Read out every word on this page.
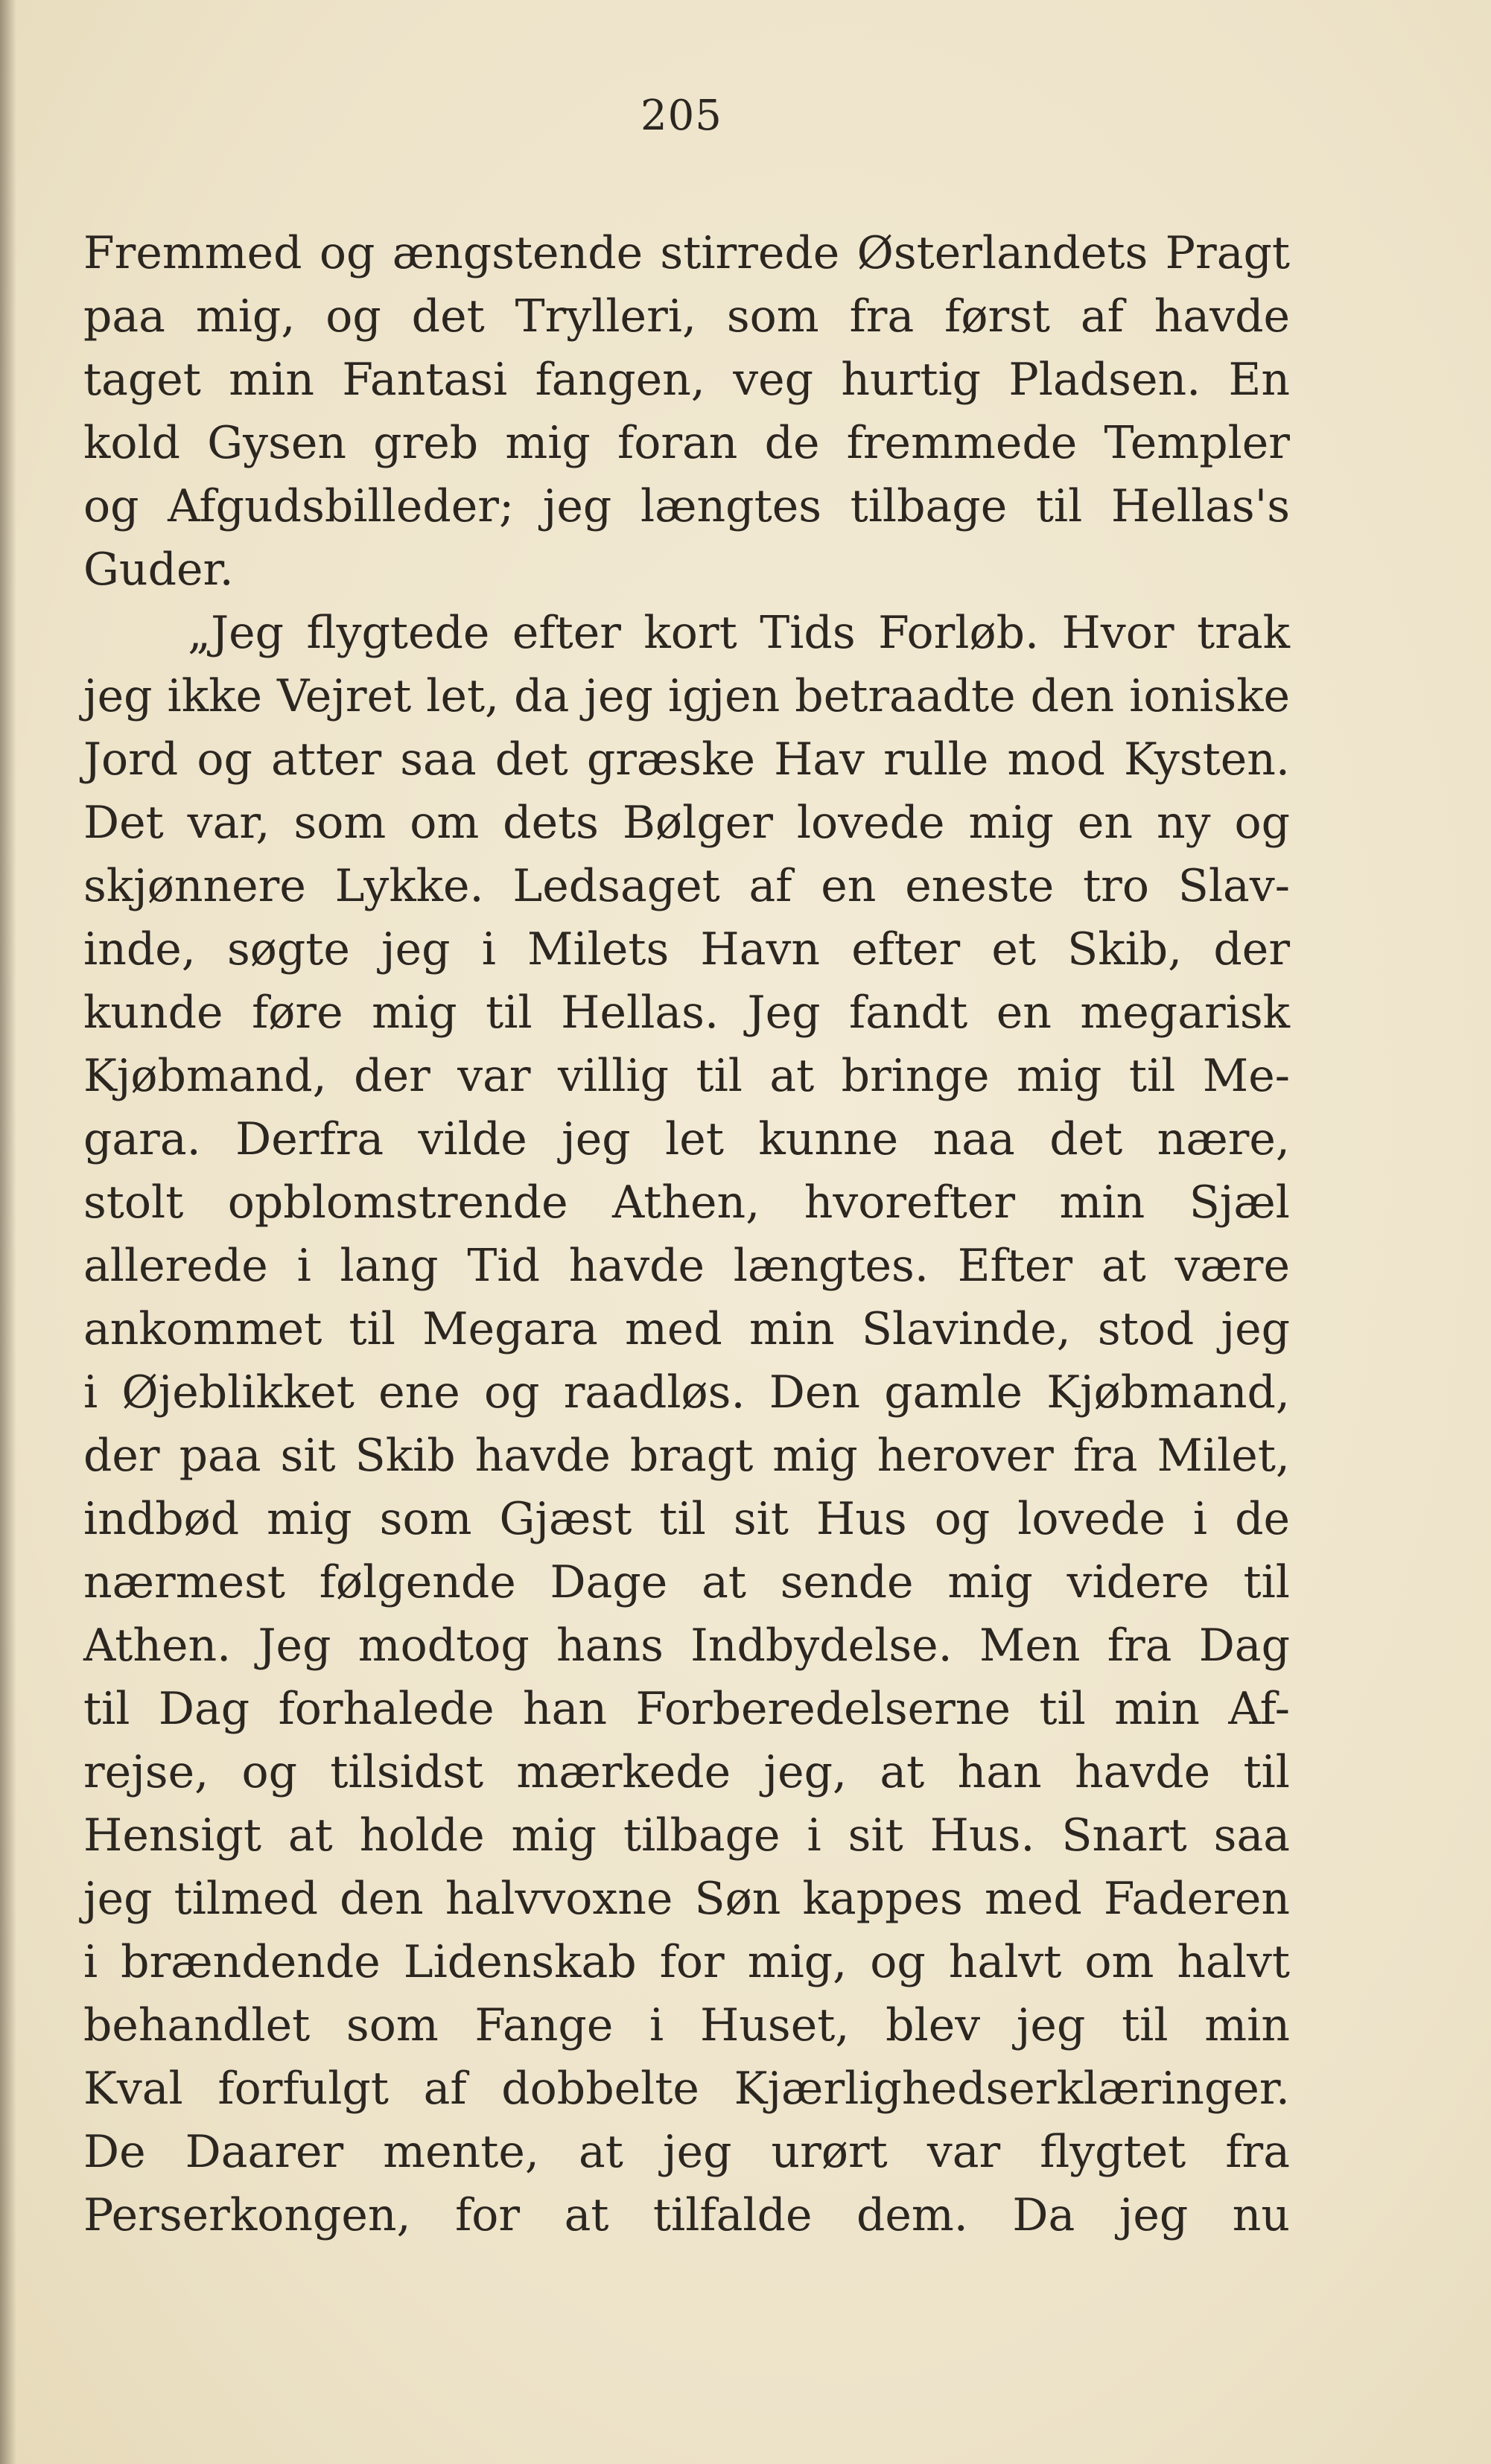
205
Fremmed og ængstende stirrede Østerlandets Pragt
paa mig, og det Trylleri, som fra først af havde
taget min Fantasi fangen, veg hurtig Pladsen. En
kold Gysen greb mig foran de fremmede Templer
og Afgudsbilleder; jeg længtes tilbage til Hellas's
Guder.
„Jeg flygtede efter kort Tids Forløb. Hvor trak
jeg ikke Vejret let, da jeg igjen betraadte den ioniske
Jord og atter saa det græske Hav rulle mod Kysten.
Det var, som om dets Bølger lovede mig en ny og
skjønnere Lykke. Ledsaget af en eneste tro Slav-
inde, søgte jeg i Milets Havn efter et Skib, der
kunde føre mig til Hellas. Jeg fandt en megarisk
Kjøbmand, der var villig til at bringe mig til Me-
gara. Derfra vilde jeg let kunne naa det nære,
stolt opblomstrende Athen, hvorefter min Sjæl
allerede i lang Tid havde længtes. Efter at være
ankommet til Megara med min Slavinde, stod jeg
i Øjeblikket ene og raadløs. Den gamle Kjøbmand,
der paa sit Skib havde bragt mig herover fra Milet,
indbød mig som Gjæst til sit Hus og lovede i de
nærmest følgende Dage at sende mig videre til
Athen. Jeg modtog hans Indbydelse. Men fra Dag
til Dag forhalede han Forberedelserne til min Af-
rejse, og tilsidst mærkede jeg, at han havde til
Hensigt at holde mig tilbage i sit Hus. Snart saa
jeg tilmed den halvvoxne Søn kappes med Faderen
i brændende Lidenskab for mig, og halvt om halvt
behandlet som Fange i Huset, blev jeg til min
Kval forfulgt af dobbelte Kjærlighedserklæringer.
De Daarer mente, at jeg urørt var flygtet fra
Perserkongen, for at tilfalde dem. Da jeg nu
